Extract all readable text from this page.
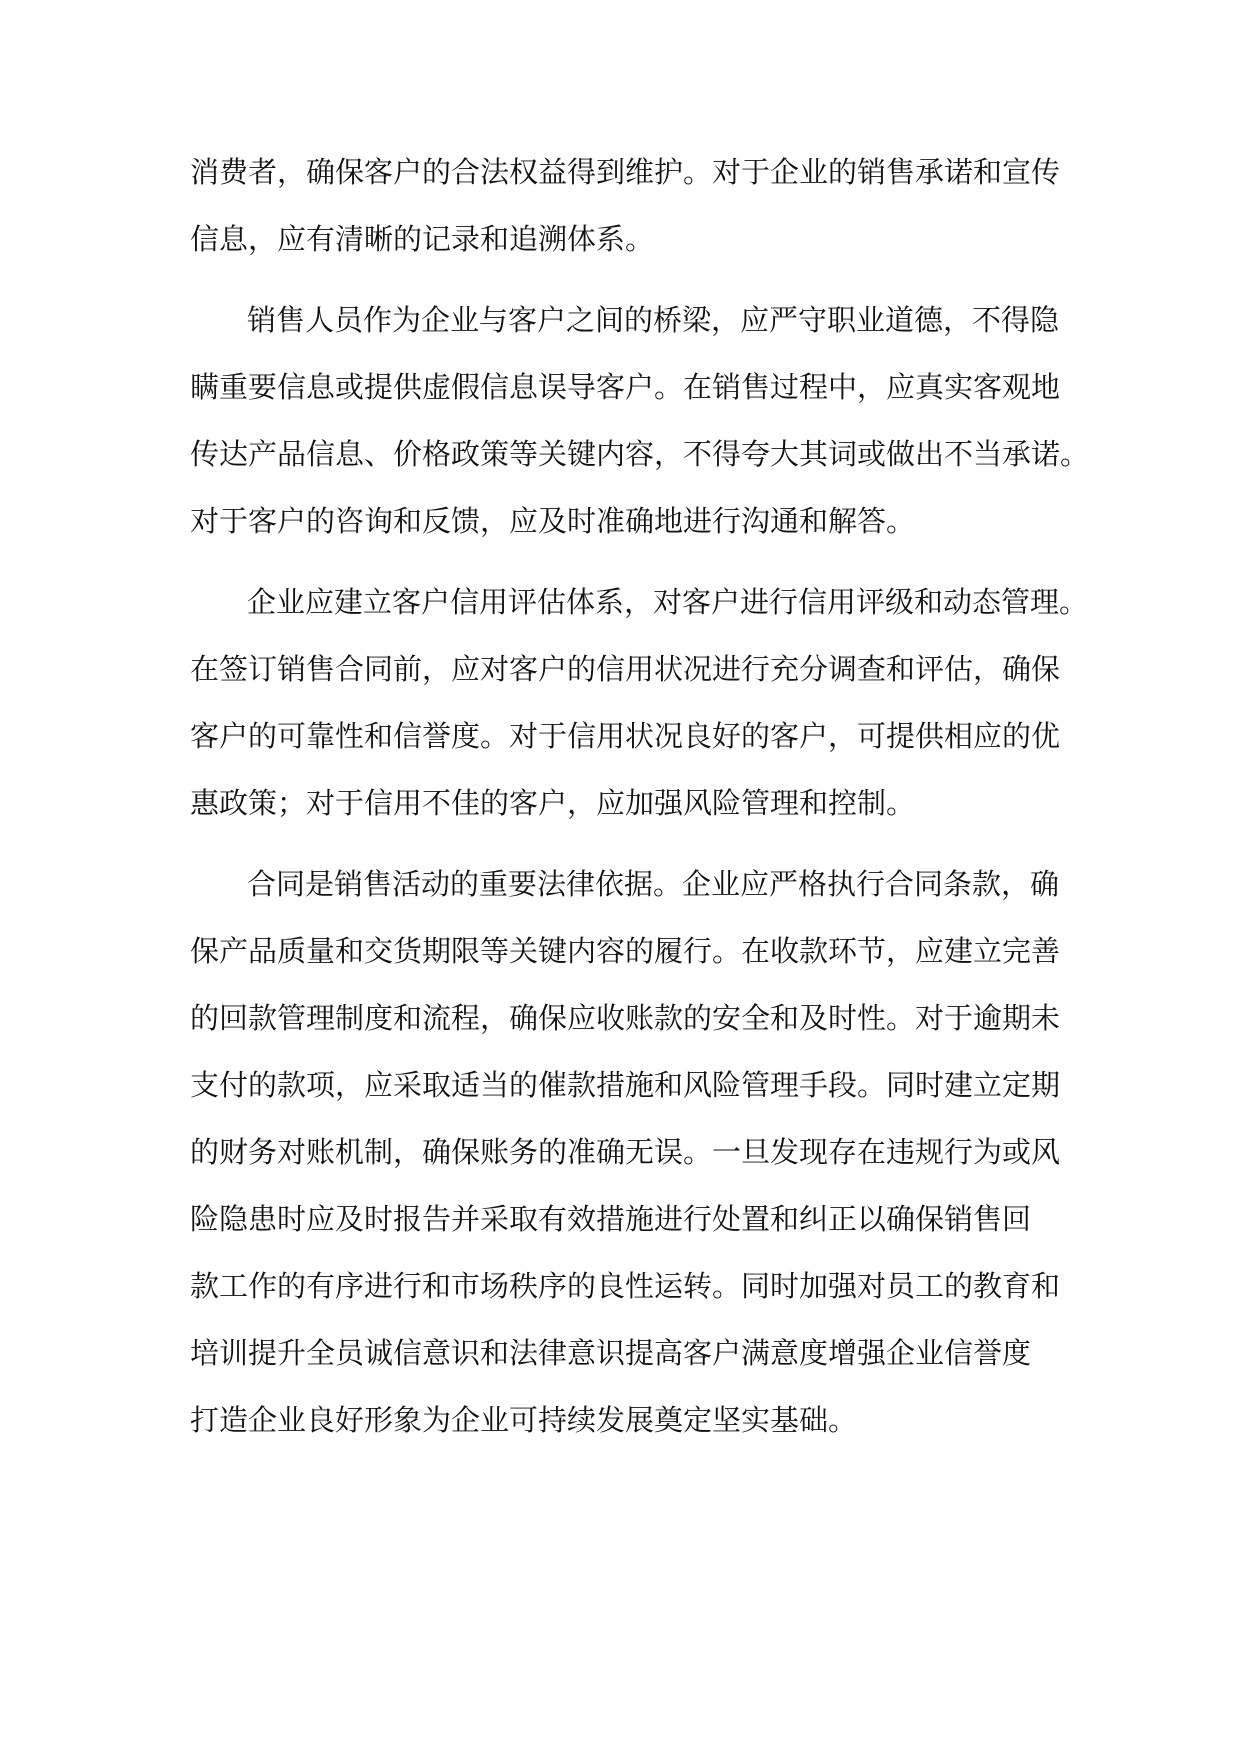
消费者，确保客户的合法权益得到维护。对于企业的销售承诺和宣传
信息，应有清晰的记录和追溯体系。
销售人员作为企业与客户之间的桥梁，应严守职业道德，不得隐
瞒重要信息或提供虚假信息误导客户。在销售过程中，应真实客观地
传达产品信息、价格政策等关键内容，不得夸大其词或做出不当承诺。
对于客户的咨询和反馈，应及时准确地进行沟通和解答。
企业应建立客户信用评估体系，对客户进行信用评级和动态管理。
在签订销售合同前，应对客户的信用状况进行充分调查和评估，确保
客户的可靠性和信誉度。对于信用状况良好的客户，可提供相应的优
惠政策；对于信用不佳的客户，应加强风险管理和控制。
合同是销售活动的重要法律依据。企业应严格执行合同条款，确
保产品质量和交货期限等关键内容的履行。在收款环节，应建立完善
的回款管理制度和流程，确保应收账款的安全和及时性。对于逾期未
支付的款项，应采取适当的催款措施和风险管理手段。同时建立定期
的财务对账机制，确保账务的准确无误。一旦发现存在违规行为或风
险隐患时应及时报告并采取有效措施进行处置和纠正以确保销售回
款工作的有序进行和市场秩序的良性运转。同时加强对员工的教育和
培训提升全员诚信意识和法律意识提高客户满意度增强企业信誉度
打造企业良好形象为企业可持续发展奠定坚实基础。
